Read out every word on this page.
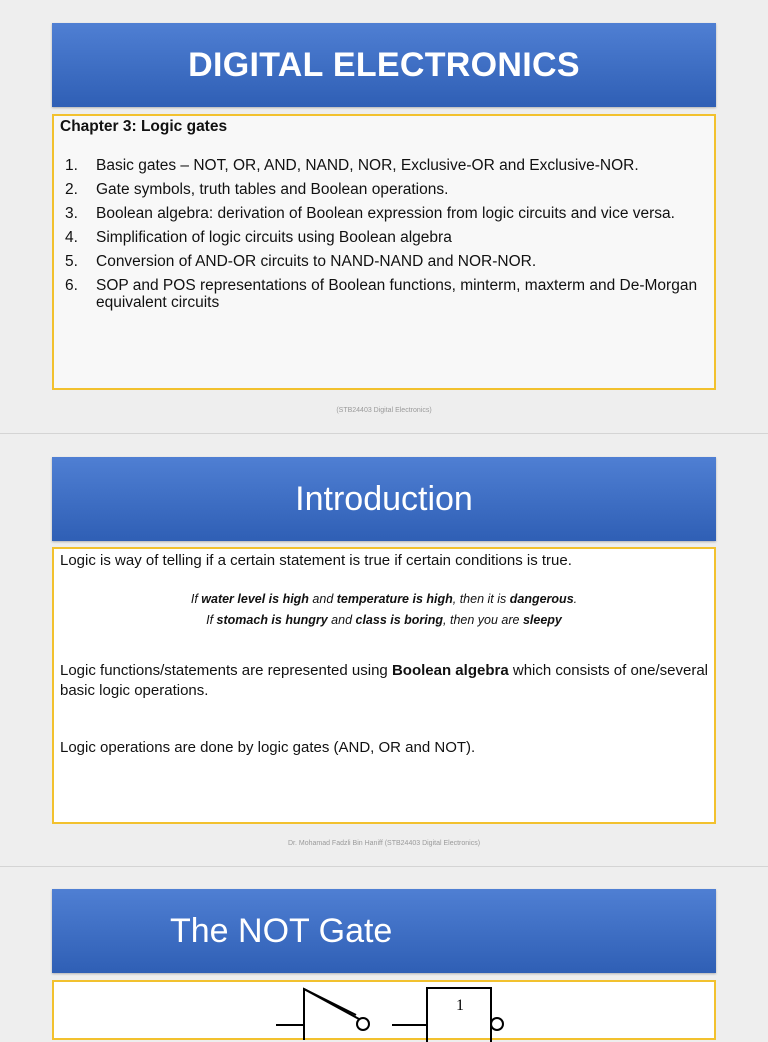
DIGITAL ELECTRONICS
Chapter 3: Logic gates
1. Basic gates – NOT, OR, AND, NAND, NOR, Exclusive-OR and Exclusive-NOR.
2. Gate symbols, truth tables and Boolean operations.
3. Boolean algebra: derivation of Boolean expression from logic circuits and vice versa.
4. Simplification of logic circuits using Boolean algebra
5. Conversion of AND-OR circuits to NAND-NAND and NOR-NOR.
6. SOP and POS representations of Boolean functions, minterm, maxterm and De-Morgan equivalent circuits
(STB24403 Digital Electronics)
Introduction

Logic is way of telling if a certain statement is true if certain conditions is true.

If water level is high and temperature is high, then it is dangerous.
If stomach is hungry and class is boring, then you are sleepy

Logic functions/statements are represented using Boolean algebra which consists of one/several basic logic operations.

Logic operations are done by logic gates (AND, OR and NOT).

Dr. Mohamad Fadzli Bin Haniff (STB24403 Digital Electronics)
The NOT Gate
1
